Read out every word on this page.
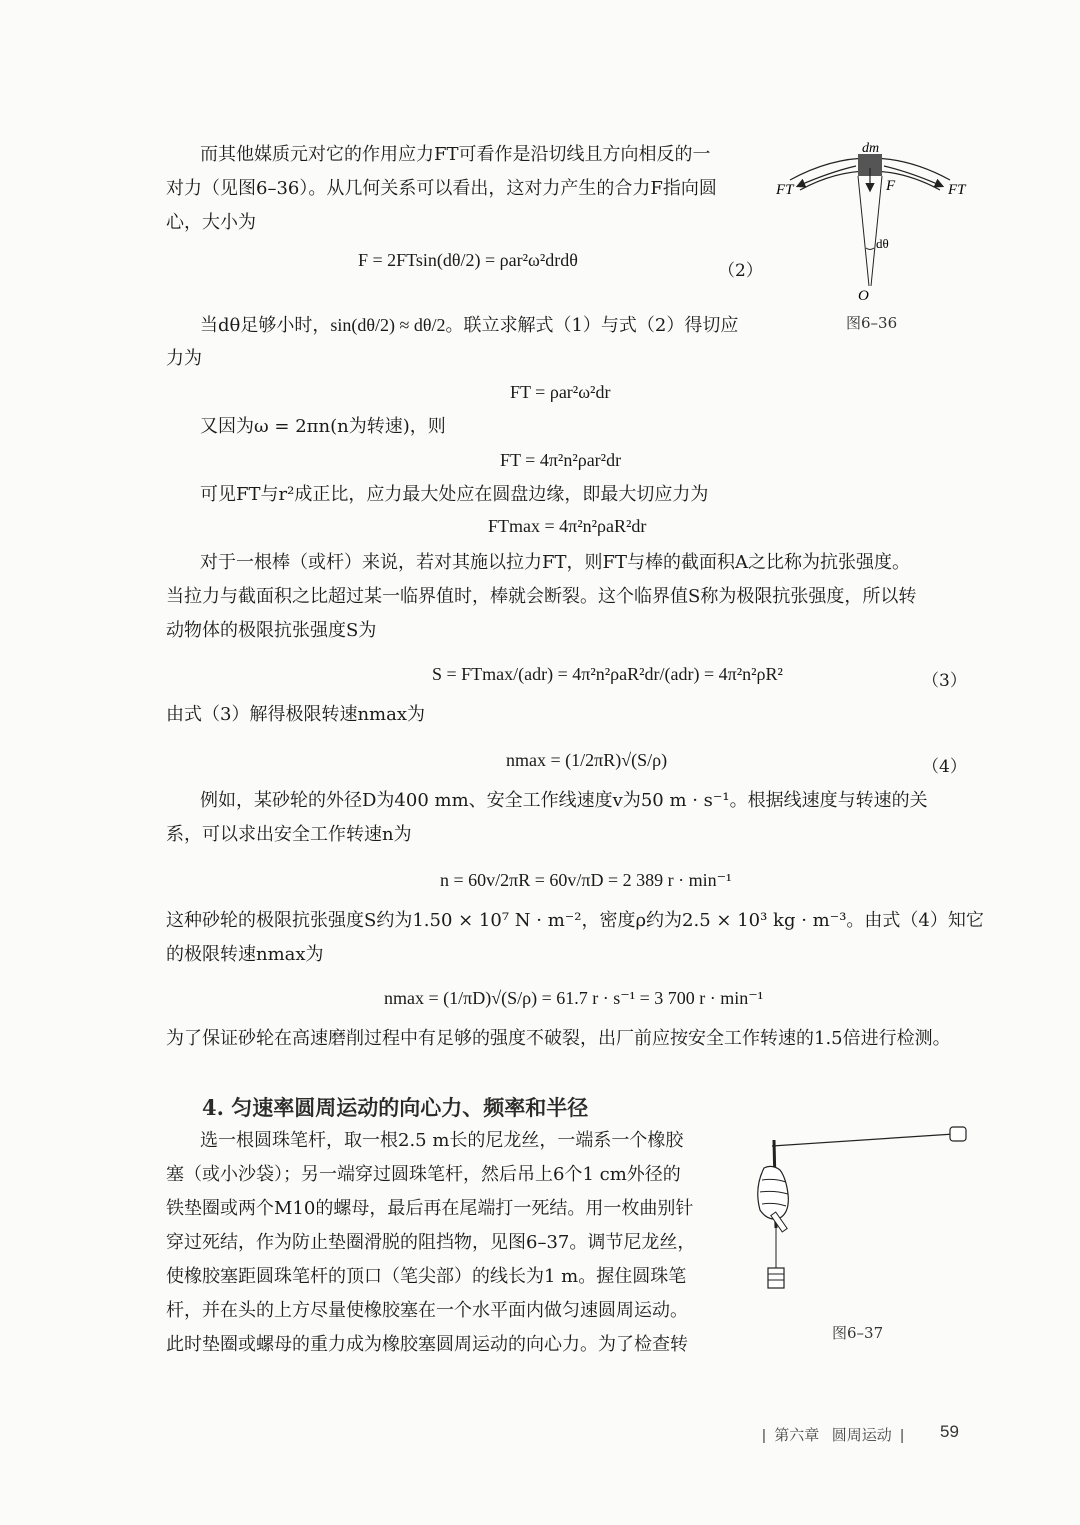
而其他媒质元对它的作用应力FT可看作是沿切线且方向相反的一
对力（见图6–36）。从几何关系可以看出，这对力产生的合力F指向圆
心，大小为
F = 2FTsin(dθ/2) = ρar²ω²drdθ
（2）
当dθ足够小时，sin(dθ/2) ≈ dθ/2。联立求解式（1）与式（2）得切应
力为
FT = ρar²ω²dr
又因为ω = 2πn(n为转速)，则
FT = 4π²n²ρar²dr
可见FT与r²成正比，应力最大处应在圆盘边缘，即最大切应力为
FTmax = 4π²n²ρaR²dr
对于一根棒（或杆）来说，若对其施以拉力FT，则FT与棒的截面积A之比称为抗张强度。
当拉力与截面积之比超过某一临界值时，棒就会断裂。这个临界值S称为极限抗张强度，所以转
动物体的极限抗张强度S为
S = FTmax/(adr) = 4π²n²ρaR²dr/(adr) = 4π²n²ρR²	（3）
由式（3）解得极限转速nmax为
nmax = (1/2πR)√(S/ρ)	（4）
例如，某砂轮的外径D为400 mm、安全工作线速度v为50 m · s⁻¹。根据线速度与转速的关
系，可以求出安全工作转速n为
n = 60v/2πR = 60v/πD = 2 389 r · min⁻¹
这种砂轮的极限抗张强度S约为1.50 × 10⁷ N · m⁻²，密度ρ约为2.5 × 10³ kg · m⁻³。由式（4）知它
的极限转速nmax为
nmax = (1/πD)√(S/ρ) = 61.7 r · s⁻¹ = 3 700 r · min⁻¹
为了保证砂轮在高速磨削过程中有足够的强度不破裂，出厂前应按安全工作转速的1.5倍进行检测。
4. 匀速率圆周运动的向心力、频率和半径
选一根圆珠笔杆，取一根2.5 m长的尼龙丝，一端系一个橡胶
塞（或小沙袋）；另一端穿过圆珠笔杆，然后吊上6个1 cm外径的
铁垫圈或两个M10的螺母，最后再在尾端打一死结。用一枚曲别针
穿过死结，作为防止垫圈滑脱的阻挡物，见图6–37。调节尼龙丝，
使橡胶塞距圆珠笔杆的顶口（笔尖部）的线长为1 m。握住圆珠笔
杆，并在头的上方尽量使橡胶塞在一个水平面内做匀速圆周运动。
此时垫圈或螺母的重力成为橡胶塞圆周运动的向心力。为了检查转
dm
FT	FT
F
dθ
O
图6–36
图6–37
|  第六章 圆周运动  | 59
